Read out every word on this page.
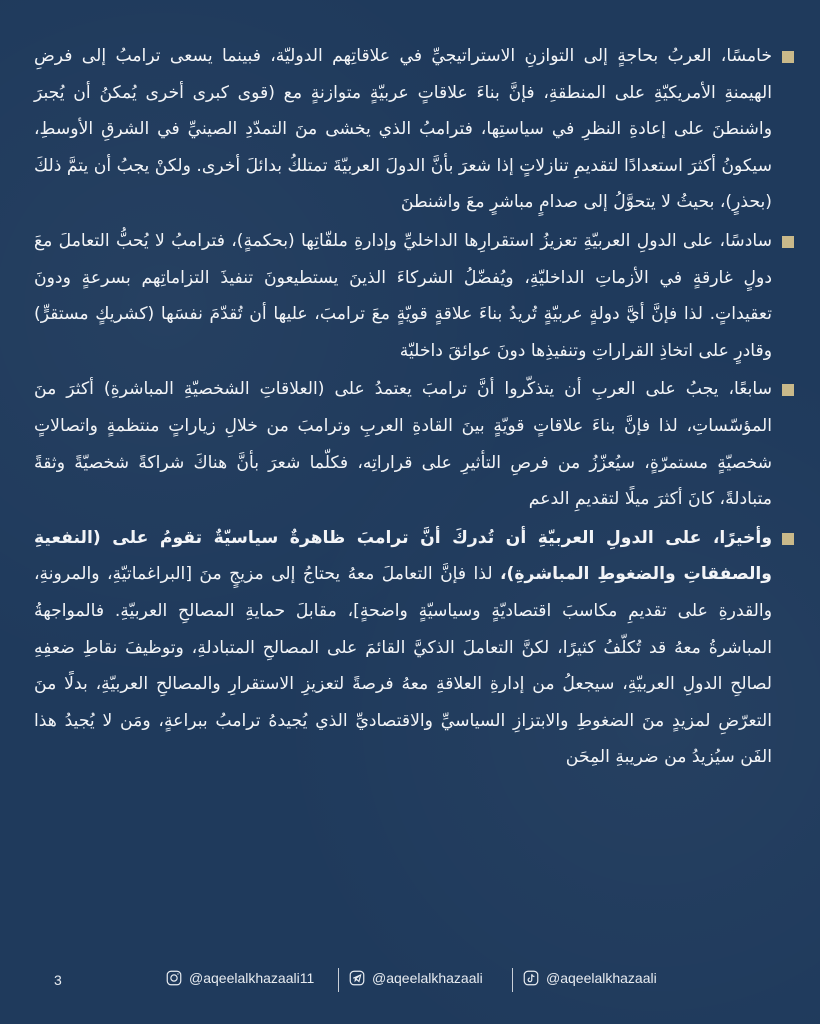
خامسًا، العربُ بحاجةٍ إلى التوازنِ الاستراتيجيِّ في علاقاتِهم الدوليّة، فبينما يسعى ترامبُ إلى فرضِ الهيمنةِ الأمريكيّةِ على المنطقةِ، فإنَّ بناءَ علاقاتٍ عربيّةٍ متوازنةٍ مع (قوى كبرى أخرى يُمكنُ أن يُجبرَ واشنطنَ على إعادةِ النظرِ في سياستِها، فترامبُ الذي يخشى منَ التمدّدِ الصينيِّ في الشرقِ الأوسطِ، سيكونُ أكثرَ استعدادًا لتقديمِ تنازلاتٍ إذا شعرَ بأنَّ الدولَ العربيّةَ تمتلكُ بدائلَ أخرى. ولكنْ يجبُ أن يتمَّ ذلكَ (بحذرٍ)، بحيثُ لا يتحوَّلُ إلى صدامٍ مباشرٍ معَ واشنطنَ
سادسًا، على الدولِ العربيّةِ تعزيزُ استقرارِها الداخليِّ وإدارةِ ملفّاتِها (بحكمةٍ)، فترامبُ لا يُحبُّ التعاملَ معَ دولٍ غارقةٍ في الأزماتِ الداخليّةِ، ويُفضّلُ الشركاءَ الذينَ يستطيعونَ تنفيذَ التزاماتِهم بسرعةٍ ودونَ تعقيداتٍ. لذا فإنَّ أيَّ دولةٍ عربيّةٍ تُريدُ بناءَ علاقةٍ قويّةٍ معَ ترامبَ، عليها أن تُقدّمَ نفسَها (كشريكٍ مستقرٍّ) وقادرٍ على اتخاذِ القراراتِ وتنفيذِها دونَ عوائقَ داخليّة
سابعًا، يجبُ على العربِ أن يتذكّروا أنَّ ترامبَ يعتمدُ على (العلاقاتِ الشخصيّةِ المباشرةِ) أكثرَ منَ المؤسّساتِ، لذا فإنَّ بناءَ علاقاتٍ قويّةٍ بينَ القادةِ العربِ وترامبَ من خلالِ زياراتٍ منتظمةٍ واتصالاتٍ شخصيّةٍ مستمرّةٍ، سيُعزّزُ من فرصِ التأثيرِ على قراراتِه، فكلّما شعرَ بأنَّ هناكَ شراكةً شخصيّةً وثقةً متبادلةً، كانَ أكثرَ ميلًا لتقديمِ الدعم
وأخيرًا، على الدولِ العربيّةِ أن تُدركَ أنَّ ترامبَ ظاهرةٌ سياسيّةٌ تقومُ على (النفعيةِ والصفقاتِ والضغوطِ المباشرةِ)، لذا فإنَّ التعاملَ معهُ يحتاجُ إلى مزيجٍ منَ [البراغماتيّةِ، والمرونةِ، والقدرةِ على تقديمِ مكاسبَ اقتصاديّةٍ وسياسيّةٍ واضحةٍ]، مقابلَ حمايةِ المصالحِ العربيّةِ. فالمواجهةُ المباشرةُ معهُ قد تُكلّفُ كثيرًا، لكنَّ التعاملَ الذكيَّ القائمَ على المصالحِ المتبادلةِ، وتوظيفَ نقاطِ ضعفِهِ لصالحِ الدولِ العربيّةِ، سيجعلُ من إدارةِ العلاقةِ معهُ فرصةً لتعزيزِ الاستقرارِ والمصالحِ العربيّةِ، بدلًا منَ التعرّضِ لمزيدٍ منَ الضغوطِ والابتزازِ السياسيِّ والاقتصاديِّ الذي يُجيدهُ ترامبُ ببراعةٍ، ومَن لا يُجيدُ هذا الفَن سيُزيدُ من ضريبةِ المِحَن
3	@aqeelalkhazaali11	@aqeelalkhazaali	@aqeelalkhazaali
